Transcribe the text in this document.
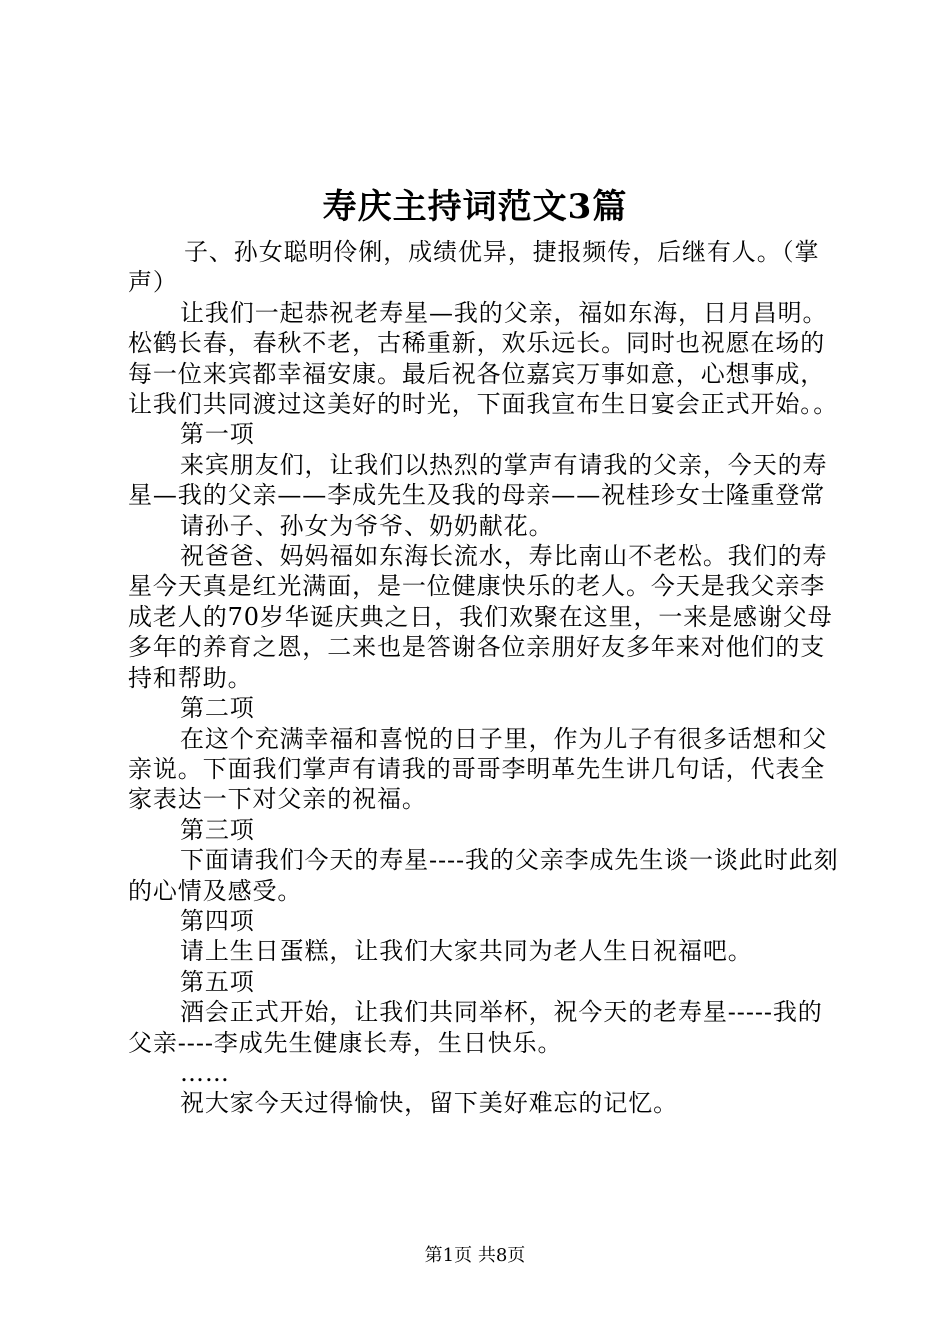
寿庆主持词范文3篇

子、孙女聪明伶俐，成绩优异，捷报频传，后继有人。（掌声）

让我们一起恭祝老寿星—我的父亲，福如东海，日月昌明。松鹤长春，春秋不老，古稀重新，欢乐远长。同时也祝愿在场的每一位来宾都幸福安康。最后祝各位嘉宾万事如意，心想事成，让我们共同渡过这美好的时光，下面我宣布生日宴会正式开始。。

第一项

来宾朋友们，让我们以热烈的掌声有请我的父亲，今天的寿星—我的父亲——李成先生及我的母亲——祝桂珍女士隆重登常

请孙子、孙女为爷爷、奶奶献花。

祝爸爸、妈妈福如东海长流水，寿比南山不老松。我们的寿星今天真是红光满面，是一位健康快乐的老人。今天是我父亲李成老人的70岁华诞庆典之日，我们欢聚在这里，一来是感谢父母多年的养育之恩，二来也是答谢各位亲朋好友多年来对他们的支持和帮助。

第二项

在这个充满幸福和喜悦的日子里，作为儿子有很多话想和父亲说。下面我们掌声有请我的哥哥李明革先生讲几句话，代表全家表达一下对父亲的祝福。

第三项

下面请我们今天的寿星----我的父亲李成先生谈一谈此时此刻的心情及感受。

第四项

请上生日蛋糕，让我们大家共同为老人生日祝福吧。

第五项

酒会正式开始，让我们共同举杯，祝今天的老寿星-----我的父亲----李成先生健康长寿，生日快乐。

……

祝大家今天过得愉快，留下美好难忘的记忆。

第1页 共8页
